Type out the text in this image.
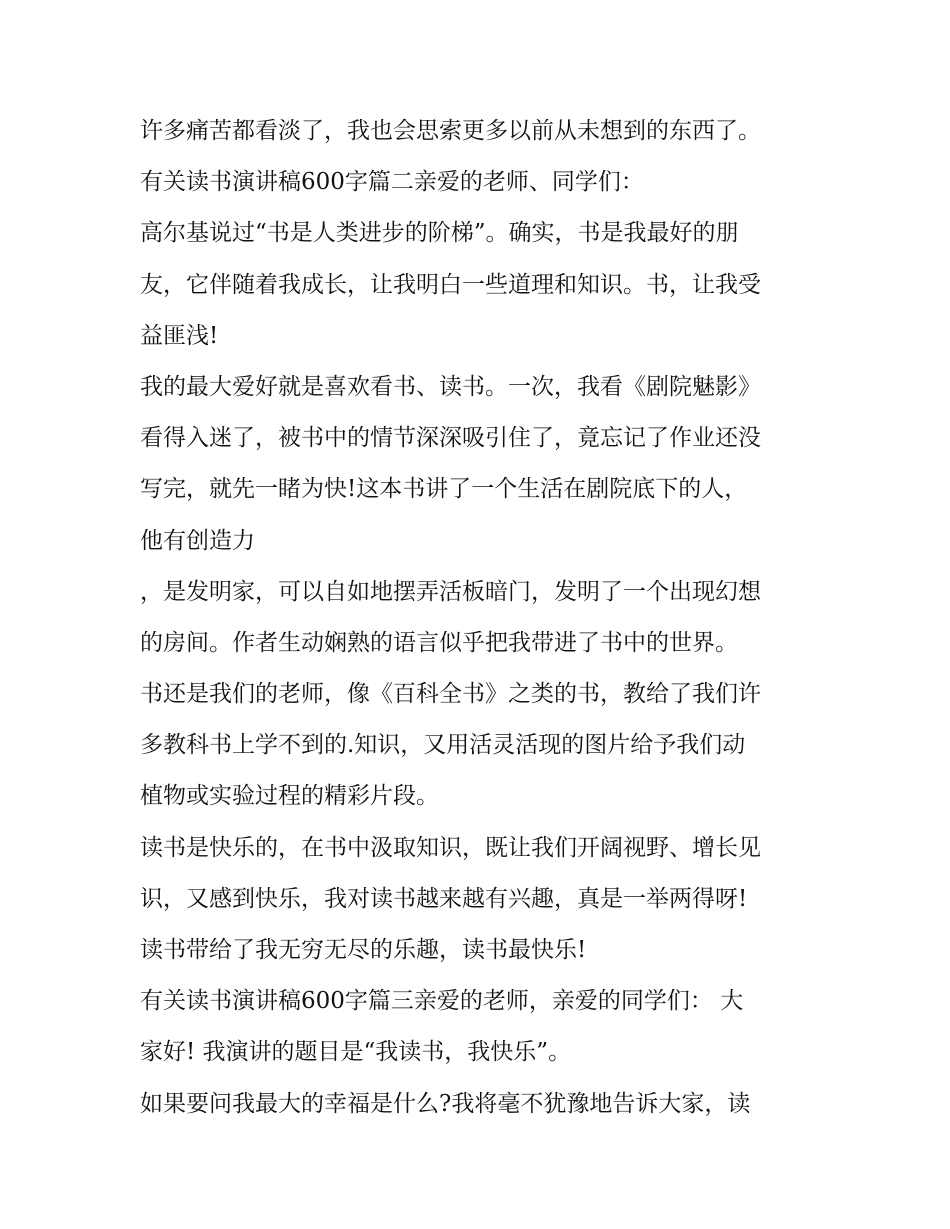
许多痛苦都看淡了，我也会思索更多以前从未想到的东西了。
有关读书演讲稿600字篇二亲爱的老师、同学们：
高尔基说过“书是人类进步的阶梯”。确实，书是我最好的朋
友，它伴随着我成长，让我明白一些道理和知识。书，让我受
益匪浅!
我的最大爱好就是喜欢看书、读书。一次，我看《剧院魅影》
看得入迷了，被书中的情节深深吸引住了，竟忘记了作业还没
写完，就先一睹为快!这本书讲了一个生活在剧院底下的人，
他有创造力
，是发明家，可以自如地摆弄活板暗门，发明了一个出现幻想
的房间。作者生动娴熟的语言似乎把我带进了书中的世界。
书还是我们的老师，像《百科全书》之类的书，教给了我们许
多教科书上学不到的.知识，又用活灵活现的图片给予我们动
植物或实验过程的精彩片段。
读书是快乐的，在书中汲取知识，既让我们开阔视野、增长见
识，又感到快乐，我对读书越来越有兴趣，真是一举两得呀!
读书带给了我无穷无尽的乐趣，读书最快乐!
有关读书演讲稿600字篇三亲爱的老师，亲爱的同学们： 大
家好! 我演讲的题目是“我读书，我快乐”。
如果要问我最大的幸福是什么?我将毫不犹豫地告诉大家，读
